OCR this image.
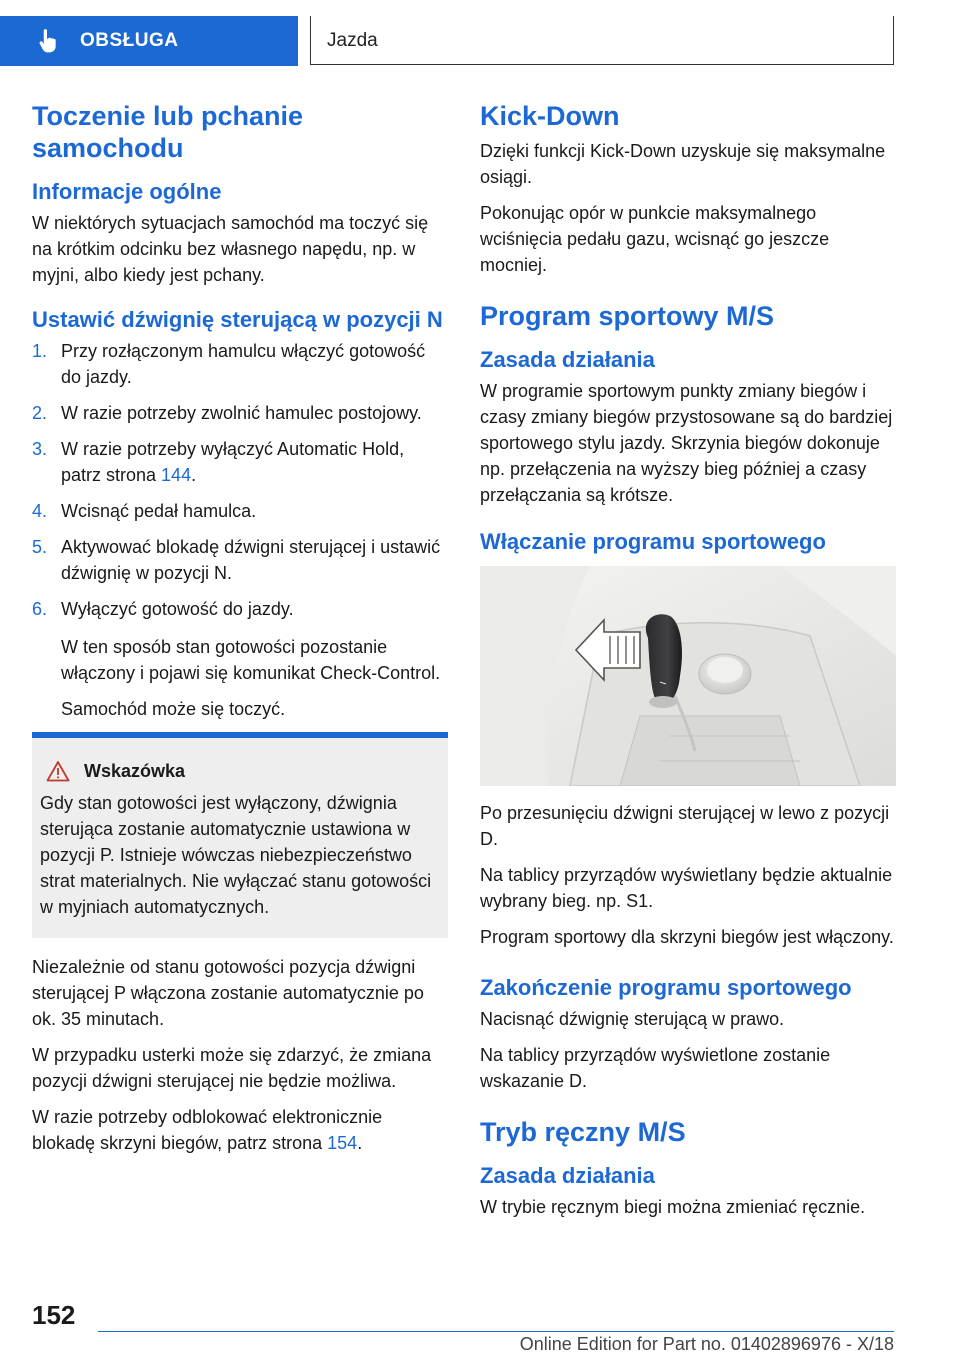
OBSŁUGA	Jazda
Toczenie lub pchanie samochodu
Informacje ogólne

W niektórych sytuacjach samochód ma toczyć się na krótkim odcinku bez własnego napędu, np. w myjni, albo kiedy jest pchany.

Ustawić dźwignię sterującą w pozycji N
1. Przy rozłączonym hamulcu włączyć gotowość do jazdy.
2. W razie potrzeby zwolnić hamulec postojowy.
3. W razie potrzeby wyłączyć Automatic Hold, patrz strona 144.
4. Wcisnąć pedał hamulca.
5. Aktywować blokadę dźwigni sterującej i ustawić dźwignię w pozycji N.
6. Wyłączyć gotowość do jazdy.

W ten sposób stan gotowości pozostanie włączony i pojawi się komunikat Check-Control.

Samochód może się toczyć.

Wskazówka

Gdy stan gotowości jest wyłączony, dźwignia sterująca zostanie automatycznie ustawiona w pozycji P. Istnieje wówczas niebezpieczeństwo strat materialnych. Nie wyłączać stanu gotowości w myjniach automatycznych.

Niezależnie od stanu gotowości pozycja dźwigni sterującej P włączona zostanie automatycznie po ok. 35 minutach.

W przypadku usterki może się zdarzyć, że zmiana pozycji dźwigni sterującej nie będzie możliwa.

W razie potrzeby odblokować elektronicznie blokadę skrzyni biegów, patrz strona 154.

Kick-Down

Dzięki funkcji Kick-Down uzyskuje się maksymalne osiągi.

Pokonując opór w punkcie maksymalnego wciśnięcia pedału gazu, wcisnąć go jeszcze mocniej.

Program sportowy M/S
Zasada działania

W programie sportowym punkty zmiany biegów i czasy zmiany biegów przystosowane są do bardziej sportowego stylu jazdy. Skrzynia biegów dokonuje np. przełączenia na wyższy bieg później a czasy przełączania są krótsze.

Włączanie programu sportowego

Po przesunięciu dźwigni sterującej w lewo z pozycji D.

Na tablicy przyrządów wyświetlany będzie aktualnie wybrany bieg. np. S1.

Program sportowy dla skrzyni biegów jest włączony.

Zakończenie programu sportowego

Nacisnąć dźwignię sterującą w prawo.

Na tablicy przyrządów wyświetlone zostanie wskazanie D.

Tryb ręczny M/S
Zasada działania

W trybie ręcznym biegi można zmieniać ręcznie.

152
Online Edition for Part no. 01402896976 - X/18
